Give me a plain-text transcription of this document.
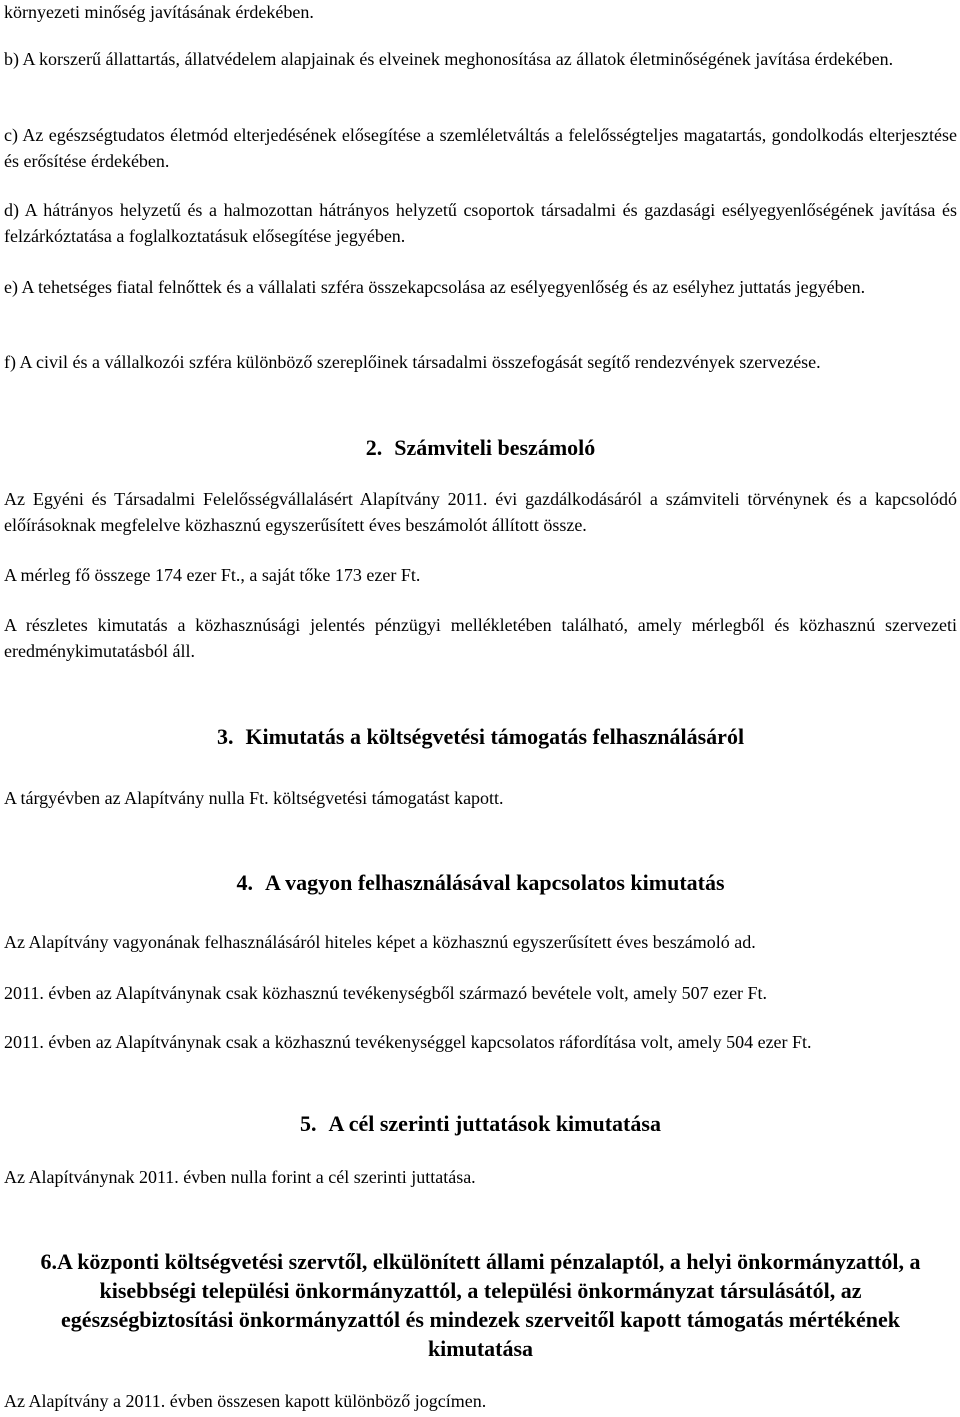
környezeti minőség javításának érdekében.

b) A korszerű állattartás, állatvédelem alapjainak és elveinek meghonosítása az állatok életminőségének javítása érdekében.

c) Az egészségtudatos életmód elterjedésének elősegítése a szemléletváltás a felelősségteljes magatartás, gondolkodás elterjesztése és erősítése érdekében.

d) A hátrányos helyzetű és a halmozottan hátrányos helyzetű csoportok társadalmi és gazdasági esélyegyenlőségének javítása és felzárkóztatása a foglalkoztatásuk elősegítése jegyében.

e) A tehetséges fiatal felnőttek és a vállalati szféra összekapcsolása az esélyegyenlőség és az esélyhez juttatás jegyében.

f) A civil és a vállalkozói szféra különböző szereplőinek társadalmi összefogását segítő rendezvények szervezése.

2. Számviteli beszámoló

Az Egyéni és Társadalmi Felelősségvállalásért Alapítvány 2011. évi gazdálkodásáról a számviteli törvénynek és a kapcsolódó előírásoknak megfelelve közhasznú egyszerűsített éves beszámolót állított össze.

A mérleg fő összege 174 ezer Ft., a saját tőke 173 ezer Ft.

A részletes kimutatás a közhasznúsági jelentés pénzügyi mellékletében található, amely mérlegből és közhasznú szervezeti eredménykimutatásból áll.

3. Kimutatás a költségvetési támogatás felhasználásáról

A tárgyévben az Alapítvány nulla Ft. költségvetési támogatást kapott.

4. A vagyon felhasználásával kapcsolatos kimutatás

Az Alapítvány vagyonának felhasználásáról hiteles képet a közhasznú egyszerűsített éves beszámoló ad.

2011. évben az Alapítványnak csak közhasznú tevékenységből származó bevétele volt, amely 507 ezer Ft.

2011. évben az Alapítványnak csak a közhasznú tevékenységgel kapcsolatos ráfordítása volt, amely 504 ezer Ft.

5. A cél szerinti juttatások kimutatása

Az Alapítványnak 2011. évben nulla forint a cél szerinti juttatása.

6.A központi költségvetési szervtől, elkülönített állami pénzalaptól, a helyi önkormányzattól, a kisebbségi települési önkormányzattól, a települési önkormányzat társulásától, az egészségbiztosítási önkormányzattól és mindezek szerveitől kapott támogatás mértékének kimutatása

Az Alapítvány a 2011. évben összesen kapott különböző jogcímen.
